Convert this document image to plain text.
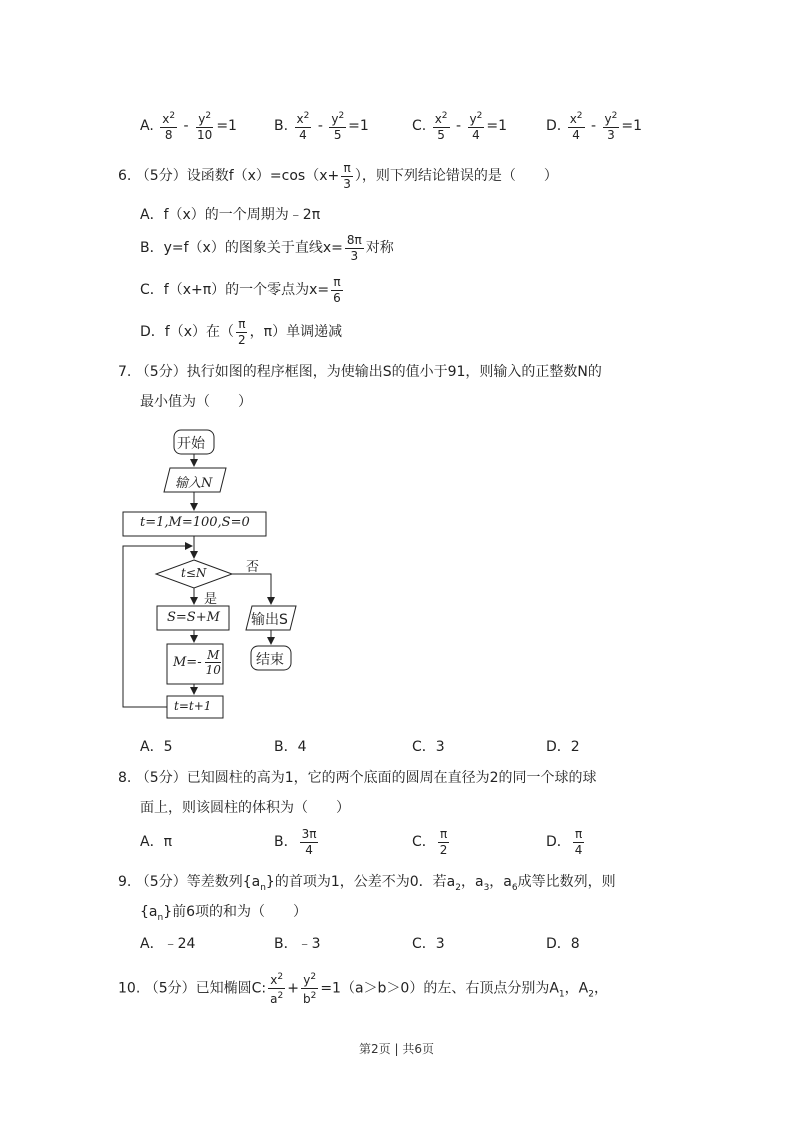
A. $\frac{x^2}{8} - \frac{y^2}{10} =1$	B. $\frac{x^2}{4} - \frac{y^2}{5} =1$	C. $\frac{x^2}{5} - \frac{y^2}{4} =1$	D. $\frac{x^2}{4} - \frac{y^2}{3} =1$
6. （5分）设函数$f(x)=\cos(x+ \frac{\pi}{3}$ ），则下列结论错误的是（　　）
A．f（x）的一个周期为﹣2π
B．y=f（x）的图象关于直线$x= \frac{8\pi}{3}$ 对称
C．f（x+π）的一个零点为$x= \frac{\pi}{6}$
D．f（x）在（ $\frac{\pi}{2}$ ，π）单调递减
7. （5分）执行如图的程序框图，为使输出S的值小于91，则输入的正整数N的
最小值为（　　）
开始
输入N
t=1,M=100,S=0
t≤N	否
是
S=S+M
$M=- \frac{M}{10}$
t=t+1
输出S
结束
A．5	B．4	C．3	D．2
8. （5分）已知圆柱的高为1，它的两个底面的圆周在直径为2的同一个球的球
面上，则该圆柱的体积为（　　）
A．π	B． $\frac{3\pi}{4}$	C． $\frac{\pi}{2}$	D． $\frac{\pi}{4}$
9. （5分）等差数列$\{a_n\}$的首项为1，公差不为0．若$a_2$，$a_3$，$a_6$成等比数列，则
$\{a_n\}$前6项的和为（　　）
A．﹣24	B．﹣3	C．3	D．8
10. （5分）已知椭圆C: $\frac{x^2}{a^2} + \frac{y^2}{b^2} =1(a>b>0)$的左、右顶点分别为$A_1$，$A_2$，
第2页 | 共6页
